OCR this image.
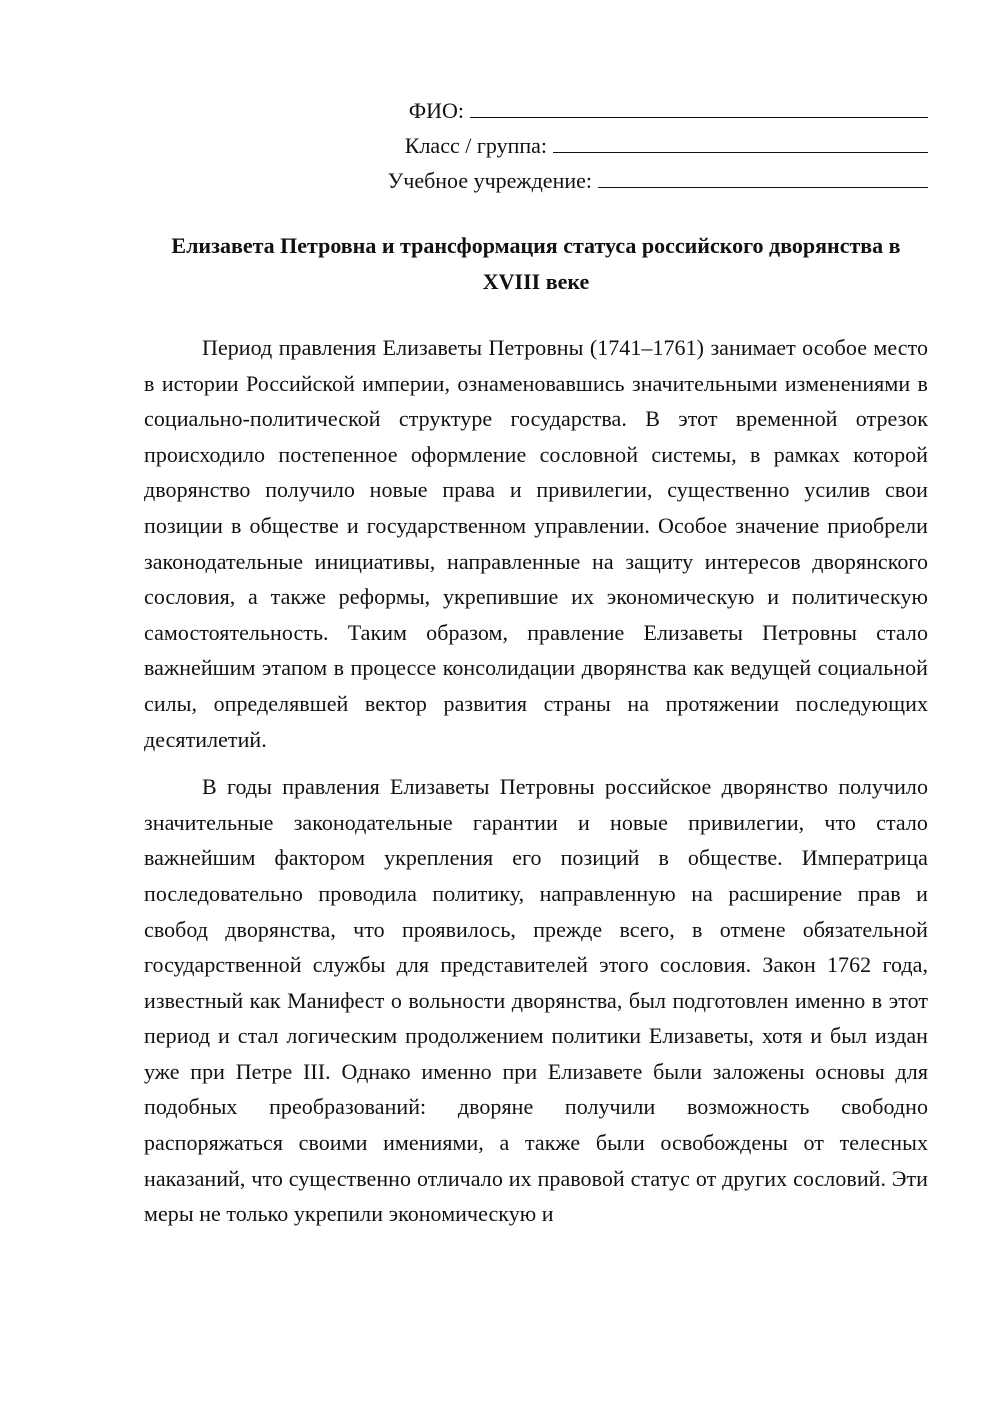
ФИО:
Класс / группа:
Учебное учреждение:
Елизавета Петровна и трансформация статуса российского дворянства в XVIII веке

Период правления Елизаветы Петровны (1741–1761) занимает особое место в истории Российской империи, ознаменовавшись значительными изменениями в социально-политической структуре государства. В этот временной отрезок происходило постепенное оформление сословной системы, в рамках которой дворянство получило новые права и привилегии, существенно усилив свои позиции в обществе и государственном управлении. Особое значение приобрели законодательные инициативы, направленные на защиту интересов дворянского сословия, а также реформы, укрепившие их экономическую и политическую самостоятельность. Таким образом, правление Елизаветы Петровны стало важнейшим этапом в процессе консолидации дворянства как ведущей социальной силы, определявшей вектор развития страны на протяжении последующих десятилетий.

В годы правления Елизаветы Петровны российское дворянство получило значительные законодательные гарантии и новые привилегии, что стало важнейшим фактором укрепления его позиций в обществе. Императрица последовательно проводила политику, направленную на расширение прав и свобод дворянства, что проявилось, прежде всего, в отмене обязательной государственной службы для представителей этого сословия. Закон 1762 года, известный как Манифест о вольности дворянства, был подготовлен именно в этот период и стал логическим продолжением политики Елизаветы, хотя и был издан уже при Петре III. Однако именно при Елизавете были заложены основы для подобных преобразований: дворяне получили возможность свободно распоряжаться своими имениями, а также были освобождены от телесных наказаний, что существенно отличало их правовой статус от других сословий. Эти меры не только укрепили экономическую и
